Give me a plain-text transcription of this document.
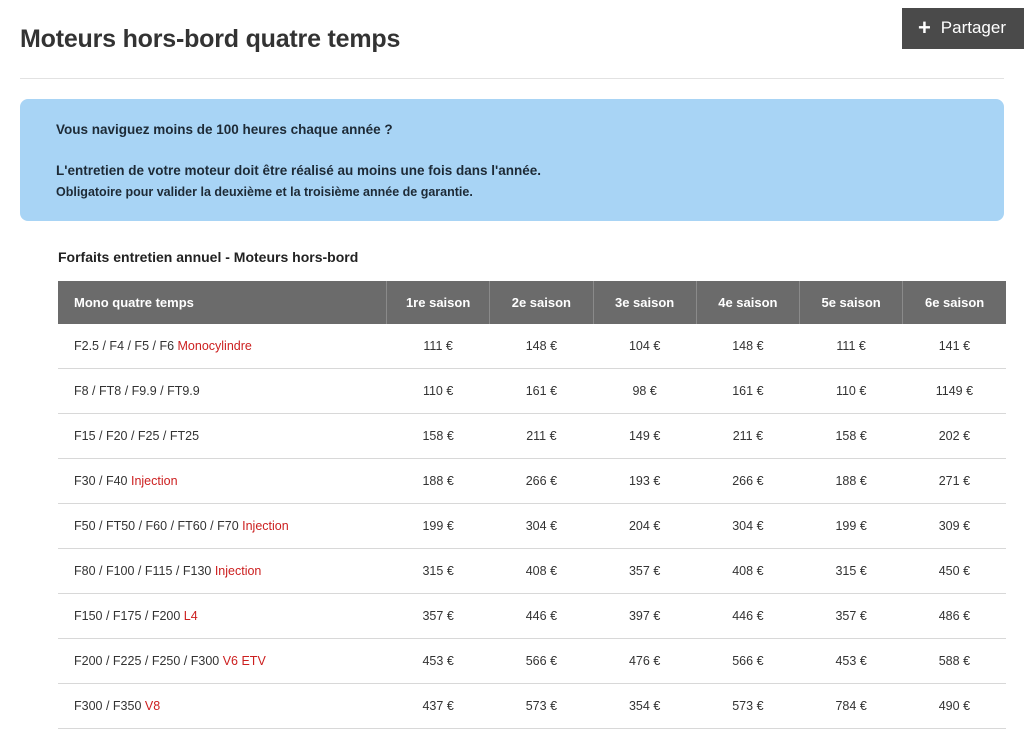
Moteurs hors-bord quatre temps	+ Partager
Vous naviguez moins de 100 heures chaque année ?
L'entretien de votre moteur doit être réalisé au moins une fois dans l'année.
Obligatoire pour valider la deuxième et la troisième année de garantie.
Forfaits entretien annuel - Moteurs hors-bord
Mono quatre temps	1re saison	2e saison	3e saison	4e saison	5e saison	6e saison
F2.5 / F4 / F5 / F6 Monocylindre	111 €	148 €	104 €	148 €	111 €	141 €
F8 / FT8 / F9.9 / FT9.9	110 €	161 €	98 €	161 €	110 €	1149 €
F15 / F20 / F25 / FT25	158 €	211 €	149 €	211 €	158 €	202 €
F30 / F40 Injection	188 €	266 €	193 €	266 €	188 €	271 €
F50 / FT50 / F60 / FT60 / F70 Injection	199 €	304 €	204 €	304 €	199 €	309 €
F80 / F100 / F115 / F130 Injection	315 €	408 €	357 €	408 €	315 €	450 €
F150 / F175 / F200 L4	357 €	446 €	397 €	446 €	357 €	486 €
F200 / F225 / F250 / F300 V6 ETV	453 €	566 €	476 €	566 €	453 €	588 €
F300 / F350 V8	437 €	573 €	354 €	573 €	784 €	490 €
